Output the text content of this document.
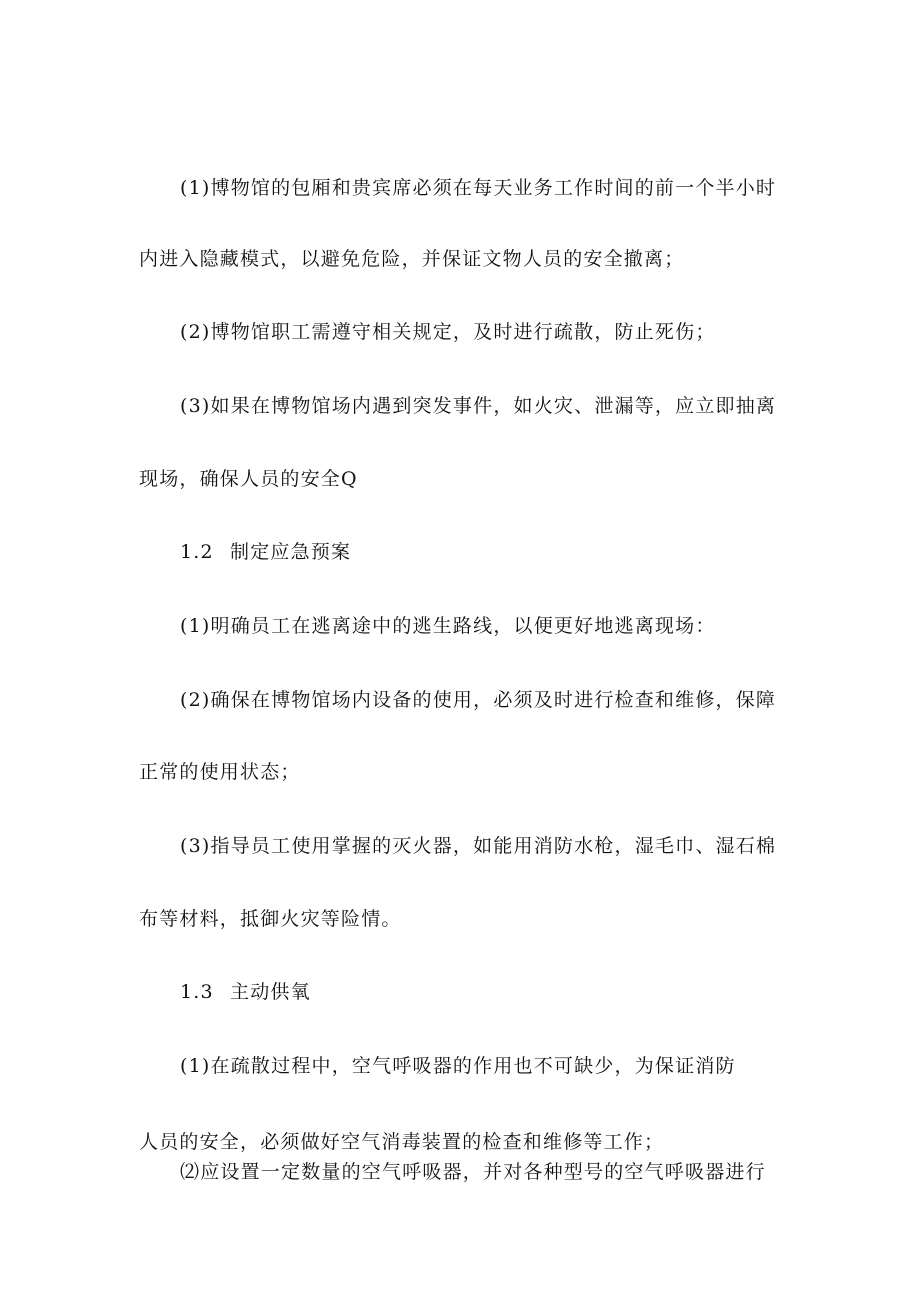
(1)博物馆的包厢和贵宾席必须在每天业务工作时间的前一个半小时
内进入隐藏模式，以避免危险，并保证文物人员的安全撤离；
(2)博物馆职工需遵守相关规定，及时进行疏散，防止死伤；
(3)如果在博物馆场内遇到突发事件，如火灾、泄漏等，应立即抽离
现场，确保人员的安全Q
1.2 制定应急预案
(1)明确员工在逃离途中的逃生路线，以便更好地逃离现场：
(2)确保在博物馆场内设备的使用，必须及时进行检查和维修，保障
正常的使用状态；
(3)指导员工使用掌握的灭火器，如能用消防水枪，湿毛巾、湿石棉
布等材料，抵御火灾等险情。
1.3 主动供氧
(1)在疏散过程中，空气呼吸器的作用也不可缺少，为保证消防
人员的安全，必须做好空气消毒装置的检查和维修等工作；
⑵应设置一定数量的空气呼吸器，并对各种型号的空气呼吸器进行
